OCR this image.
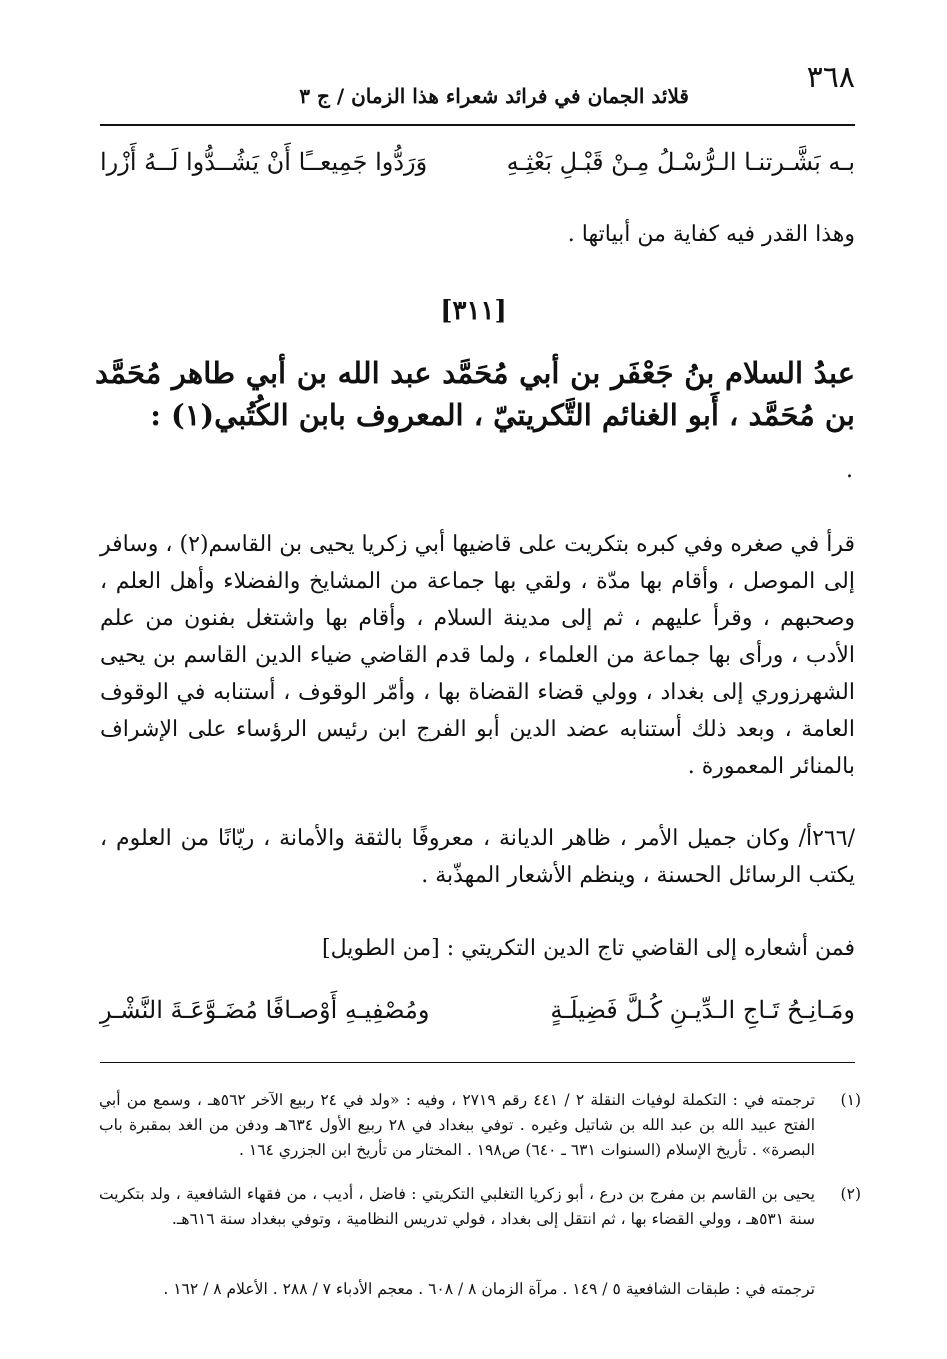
٣٦٨
قلائد الجمان في فرائد شعراء هذا الزمان / ج ٣
بـه بَشَّـرتنـا الـرُّسْـلُ مِـنْ قَبْـلِ بَعْثِـهِ
وَرَدُّوا جَمِيعــًا أَنْ يَشُــدُّوا لَــهُ أَزْرا
وهذا القدر فيه كفاية من أبياتها .
[٣١١]
عبدُ السلام بنُ جَعْفَر بن أبي مُحَمَّد عبد الله بن أبي طاهر مُحَمَّد بن مُحَمَّد ، أَبو الغنائم التَّكريتيّ ، المعروف بابن الكُتُبي(١) :
.
قرأ في صغره وفي كبره بتكريت على قاضيها أبي زكريا يحيى بن القاسم(٢) ، وسافر إلى الموصل ، وأقام بها مدّة ، ولقي بها جماعة من المشايخ والفضلاء وأهل العلم ، وصحبهم ، وقرأ عليهم ، ثم إلى مدينة السلام ، وأقام بها واشتغل بفنون من علم الأدب ، ورأى بها جماعة من العلماء ، ولما قدم القاضي ضياء الدين القاسم بن يحيى الشهرزوري إلى بغداد ، وولي قضاء القضاة بها ، وأمّر الوقوف ، أستنابه في الوقوف العامة ، وبعد ذلك أستنابه عضد الدين أبو الفرج ابن رئيس الرؤساء على الإشراف بالمنائر المعمورة .
/٢٦٦أ/ وكان جميل الأمر ، ظاهر الديانة ، معروفًا بالثقة والأمانة ، ريّانًا من العلوم ، يكتب الرسائل الحسنة ، وينظم الأشعار المهذّبة .
فمن أشعاره إلى القاضي تاج الدين التكريتي : [من الطويل]
ومَـانِـحُ تَـاجِ الـدِّيـنِ كُـلَّ فَضِيلَـةٍ
ومُصْفِيـهِ أَوْصـافًا مُضَـوَّعَـةَ النَّشْـرِ
(١)
ترجمته في : التكملة لوفيات النقلة ٢ / ٤٤١ رقم ٢٧١٩ ، وفيه : «ولد في ٢٤ ربيع الآخر ٥٦٢هـ ، وسمع من أبي الفتح عبيد الله بن عبد الله بن شاتيل وغيره . توفي ببغداد في ٢٨ ربيع الأول ٦٣٤هـ ودفن من الغد بمقبرة باب البصرة» . تأريخ الإسلام (السنوات ٦٣١ ـ ٦٤٠) ص١٩٨ . المختار من تأريخ ابن الجزري ١٦٤ .
(٢)
يحيى بن القاسم بن مفرج بن درع ، أبو زكريا التغلبي التكريتي : فاضل ، أديب ، من فقهاء الشافعية ، ولد بتكريت سنة ٥٣١هـ ، وولي القضاء بها ، ثم انتقل إلى بغداد ، فولي تدريس النظامية ، وتوفي ببغداد سنة ٦١٦هـ.
ترجمته في : طبقات الشافعية ٥ / ١٤٩ . مرآة الزمان ٨ / ٦٠٨ . معجم الأدباء ٧ / ٢٨٨ . الأعلام ٨ / ١٦٢ .
